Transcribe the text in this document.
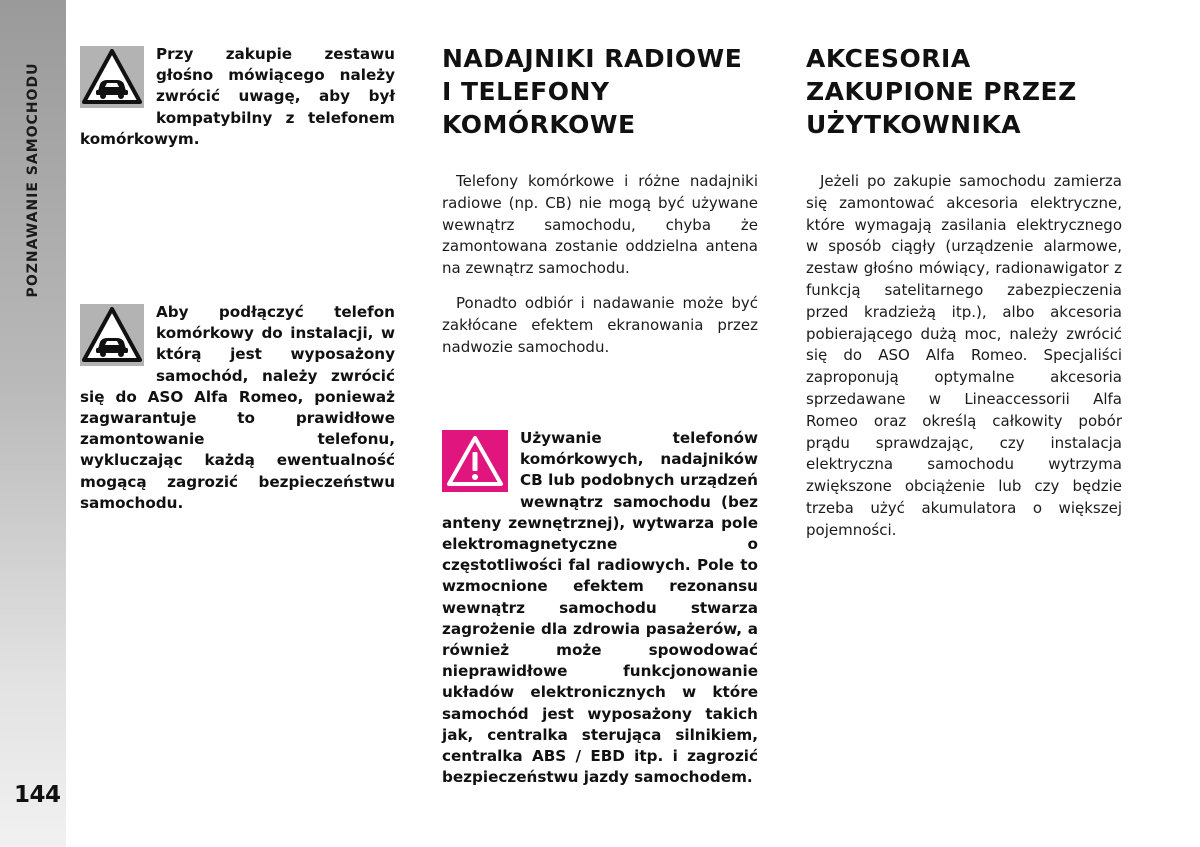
POZNAWANIE SAMOCHODU
144
Przy zakupie zestawu głośno mówiącego należy zwrócić uwagę, aby był kompatybilny z telefonem komórkowym.
Aby podłączyć telefon komórkowy do instalacji, w którą jest wyposażony samochód, należy zwrócić się do ASO Alfa Romeo, ponieważ zagwarantuje to prawidłowe zamontowanie telefonu, wykluczając każdą ewentualność mogącą zagrozić bezpieczeństwu samochodu.
NADAJNIKI RADIOWE I TELEFONY KOMÓRKOWE

Telefony komórkowe i różne nadajniki radiowe (np. CB) nie mogą być używane wewnątrz samochodu, chyba że zamontowana zostanie oddzielna antena na zewnątrz samochodu.

Ponadto odbiór i nadawanie może być zakłócane efektem ekranowania przez nadwozie samochodu.

Używanie telefonów komórkowych, nadajników CB lub podobnych urządzeń wewnątrz samochodu (bez anteny zewnętrznej), wytwarza pole elektromagnetyczne o częstotliwości fal radiowych. Pole to wzmocnione efektem rezonansu wewnątrz samochodu stwarza zagrożenie dla zdrowia pasażerów, a również może spowodować nieprawidłowe funkcjonowanie układów elektronicznych w które samochód jest wyposażony takich jak, centralka sterująca silnikiem, centralka ABS / EBD itp. i zagrozić bezpieczeństwu jazdy samochodem.
AKCESORIA ZAKUPIONE PRZEZ UŻYTKOWNIKA

Jeżeli po zakupie samochodu zamierza się zamontować akcesoria elektryczne, które wymagają zasilania elektrycznego w sposób ciągły (urządzenie alarmowe, zestaw głośno mówiący, radionawigator z funkcją satelitarnego zabezpieczenia przed kradzieżą itp.), albo akcesoria pobierającego dużą moc, należy zwrócić się do ASO Alfa Romeo. Specjaliści zaproponują optymalne akcesoria sprzedawane w Lineaccessorii Alfa Romeo oraz określą całkowity pobór prądu sprawdzając, czy instalacja elektryczna samochodu wytrzyma zwiększone obciążenie lub czy będzie trzeba użyć akumulatora o większej pojemności.
